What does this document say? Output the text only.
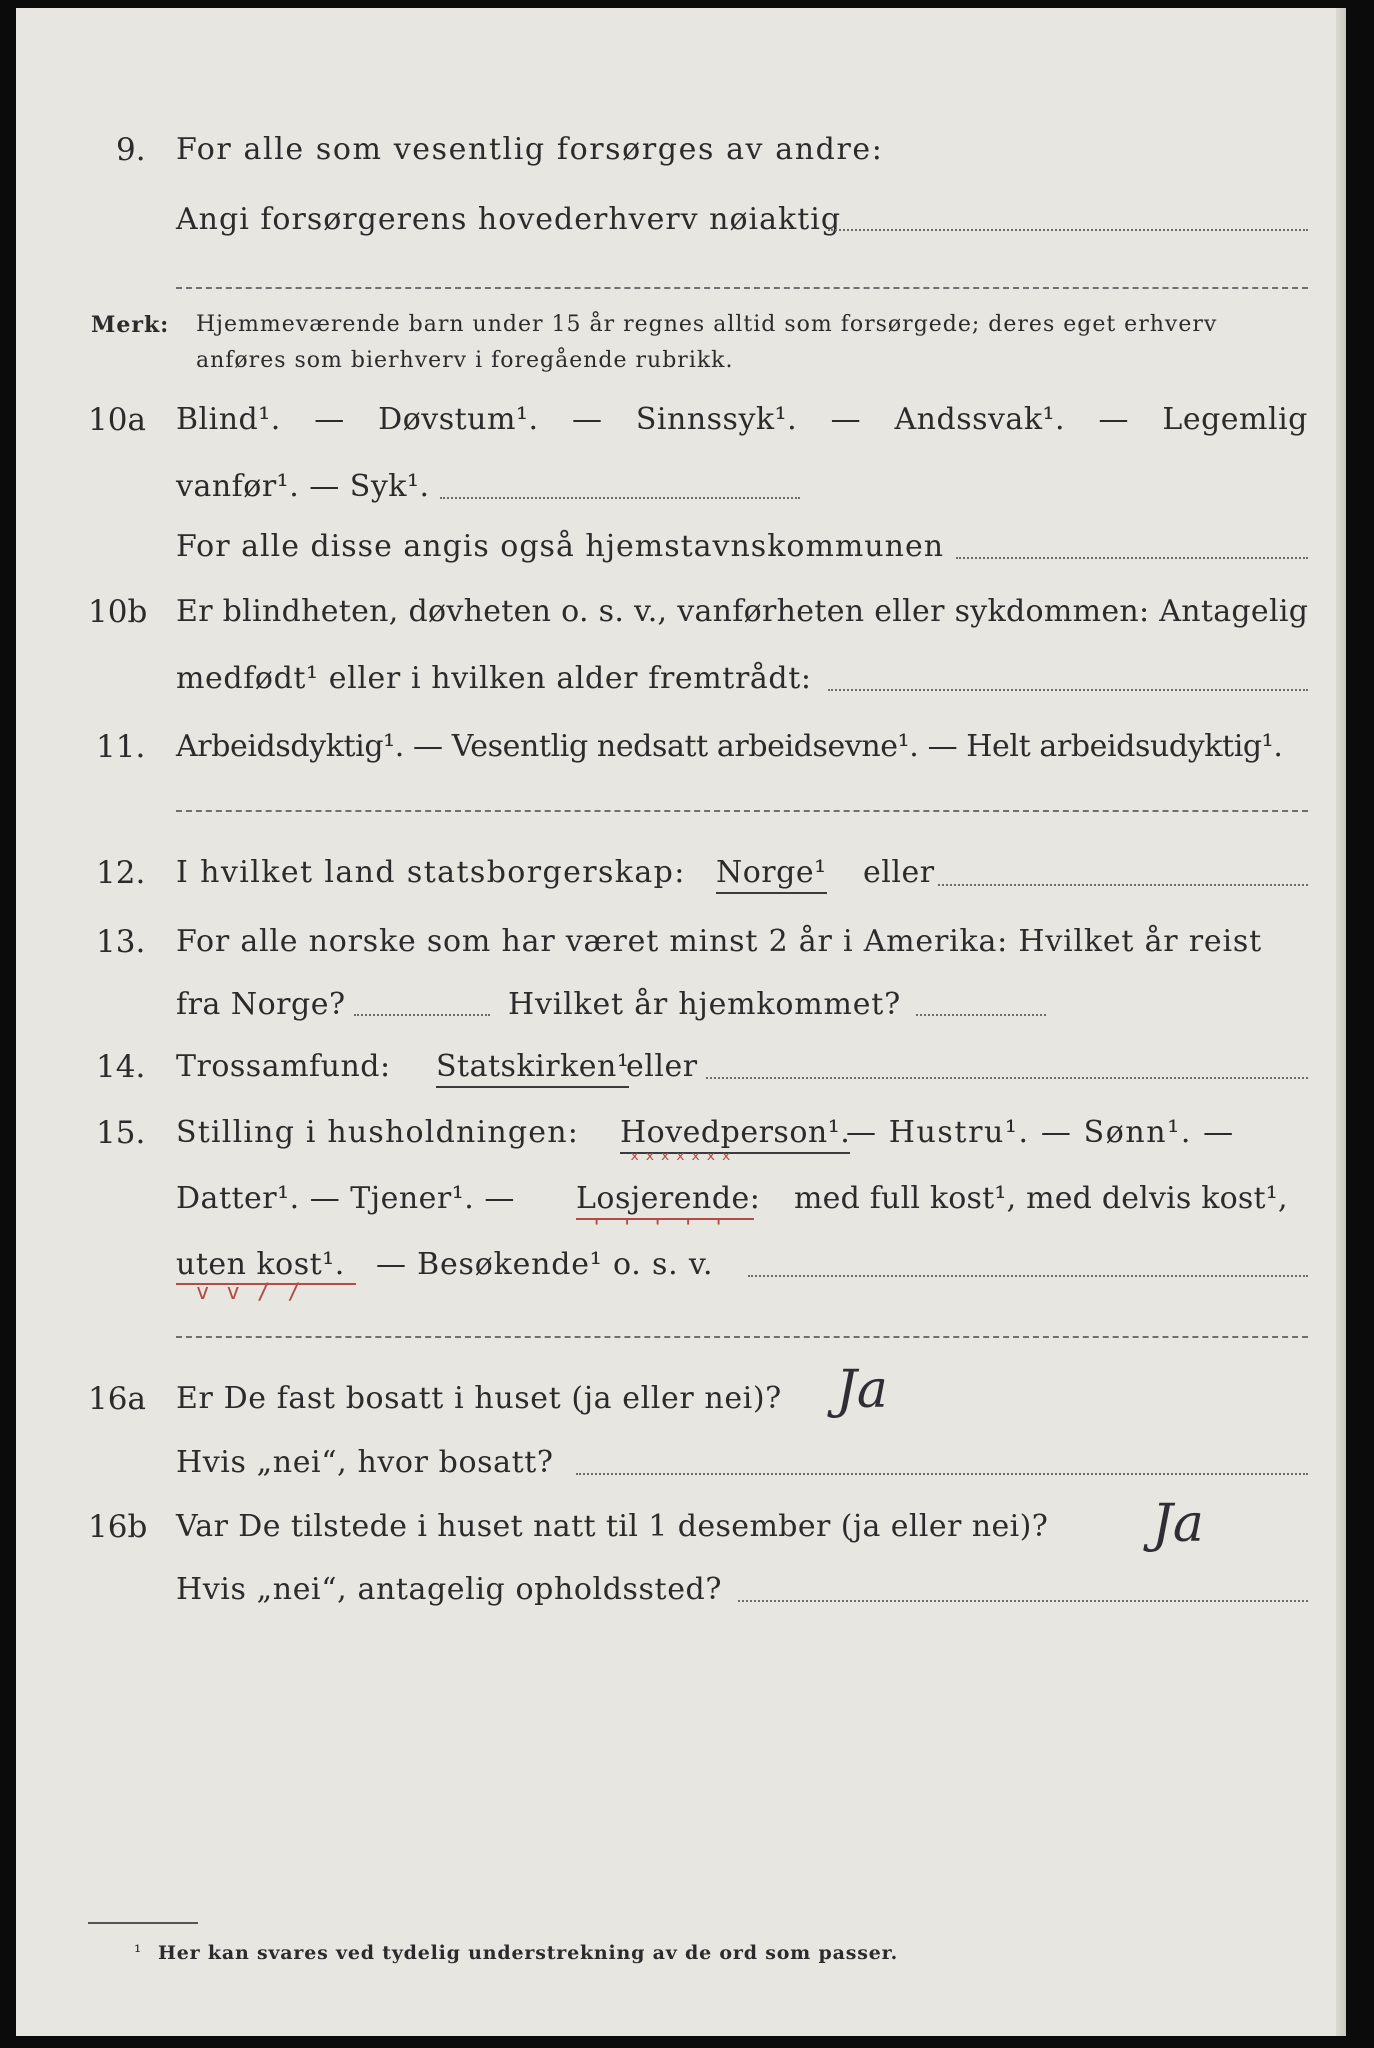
9. For alle som vesentlig forsørges av andre:
Angi forsørgerens hovederhverv nøiaktig
Merk: Hjemmeværende barn under 15 år regnes alltid som forsørgede; deres eget erhverv
anføres som bierhverv i foregående rubrikk.
10a Blind¹. — Døvstum¹. — Sinnssyk¹. — Andssvak¹. — Legemlig
vanfør¹. — Syk¹.
For alle disse angis også hjemstavnskommunen
10b Er blindheten, døvheten o. s. v., vanførheten eller sykdommen: Antagelig
medfødt¹ eller i hvilken alder fremtrådt:
11. Arbeidsdyktig¹. — Vesentlig nedsatt arbeidsevne¹. — Helt arbeidsudyktig¹.
12. I hvilket land statsborgerskap: Norge¹ eller
13. For alle norske som har været minst 2 år i Amerika: Hvilket år reist
fra Norge?	Hvilket år hjemkommet?
14. Trossamfund: Statskirken¹
eller
15. Stilling i husholdningen: Hovedperson¹.
ˣˣˣˣˣˣˣ
— Hustru¹. — Sønn¹. —
Datter¹. — Tjener¹. — Losjerende:
' ' ' ' '
med full kost¹, med delvis kost¹,
uten kost¹.
v v / /
— Besøkende¹ o. s. v.
16a Er De fast bosatt i huset (ja eller nei)? Ja
Hvis „nei“, hvor bosatt?
16b Var De tilstede i huset natt til 1 desember (ja eller nei)? Ja
Hvis „nei“, antagelig opholdssted?
¹ Her kan svares ved tydelig understrekning av de ord som passer.
